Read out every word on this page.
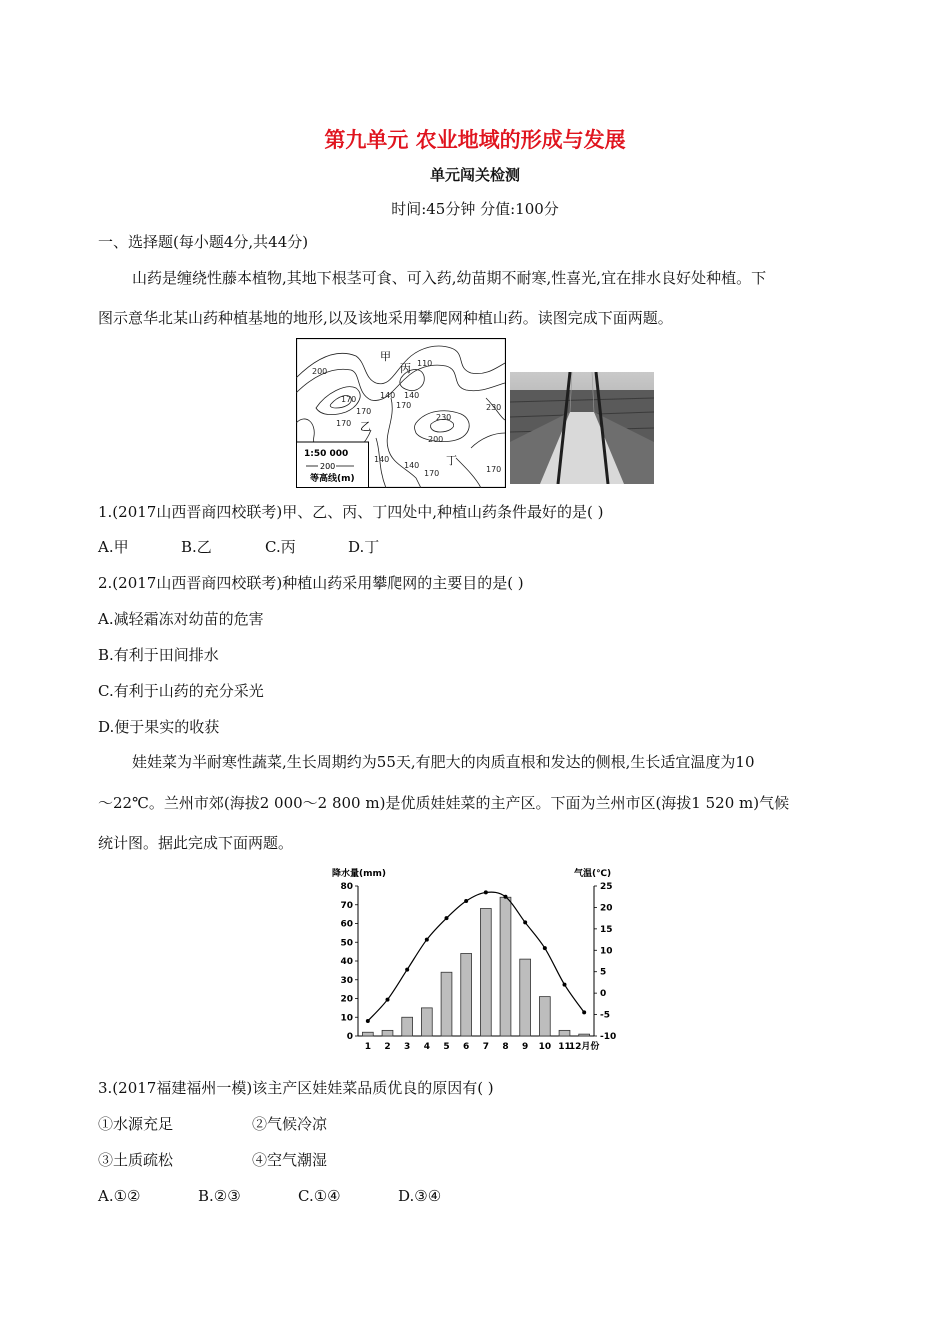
第九单元 农业地域的形成与发展
单元闯关检测
时间:45分钟 分值:100分
一、选择题(每小题4分,共44分)
山药是缠绕性藤本植物,其地下根茎可食、可入药,幼苗期不耐寒,性喜光,宜在排水良好处种植。下
图示意华北某山药种植基地的地形,以及该地采用攀爬网种植山药。读图完成下面两题。
200
170
170
140
110
170
140
230
230
200
170
140
170	170
140
甲
乙
丙
丁
1:50 000
200
等高线(m)
1.(2017山西晋商四校联考)甲、乙、丙、丁四处中,种植山药条件最好的是( )
A.甲	B.乙	C.丙	D.丁
2.(2017山西晋商四校联考)种植山药采用攀爬网的主要目的是( )
A.减轻霜冻对幼苗的危害
B.有利于田间排水
C.有利于山药的充分采光
D.便于果实的收获
娃娃菜为半耐寒性蔬菜,生长周期约为55天,有肥大的肉质直根和发达的侧根,生长适宜温度为10
～22℃。兰州市郊(海拔2 000～2 800 m)是优质娃娃菜的主产区。下面为兰州市区(海拔1 520 m)气候
统计图。据此完成下面两题。
降水量(mm)	气温(℃)
0
10
20
30
40
50
60
70
80
-10
-5
0
5
10
15
20
25
1 2 3 4 5 6 7 8 9 10 11
12月份
3.(2017福建福州一模)该主产区娃娃菜品质优良的原因有( )
①水源充足	②气候冷凉
③土质疏松	④空气潮湿
A.①②	B.②③	C.①④	D.③④
